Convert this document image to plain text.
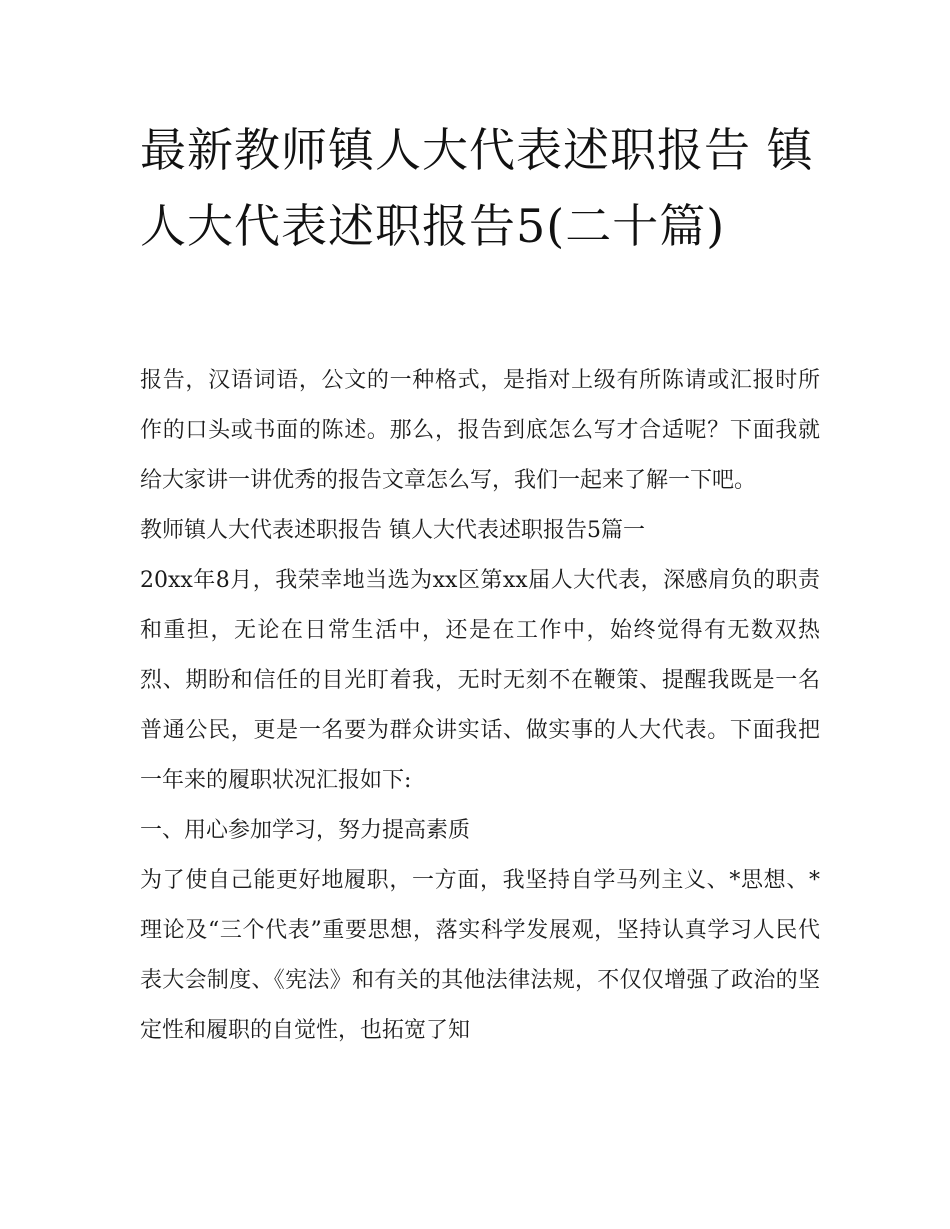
最新教师镇人大代表述职报告 镇人大代表述职报告5(二十篇)

报告，汉语词语，公文的一种格式，是指对上级有所陈请或汇报时所作的口头或书面的陈述。那么，报告到底怎么写才合适呢？下面我就给大家讲一讲优秀的报告文章怎么写，我们一起来了解一下吧。

教师镇人大代表述职报告 镇人大代表述职报告5篇一

20xx年8月，我荣幸地当选为xx区第xx届人大代表，深感肩负的职责和重担，无论在日常生活中，还是在工作中，始终觉得有无数双热烈、期盼和信任的目光盯着我，无时无刻不在鞭策、提醒我既是一名普通公民，更是一名要为群众讲实话、做实事的人大代表。下面我把一年来的履职状况汇报如下:

一、用心参加学习，努力提高素质

为了使自己能更好地履职，一方面，我坚持自学马列主义、*思想、*理论及“三个代表”重要思想，落实科学发展观，坚持认真学习人民代表大会制度、《宪法》和有关的其他法律法规，不仅仅增强了政治的坚定性和履职的自觉性，也拓宽了知
